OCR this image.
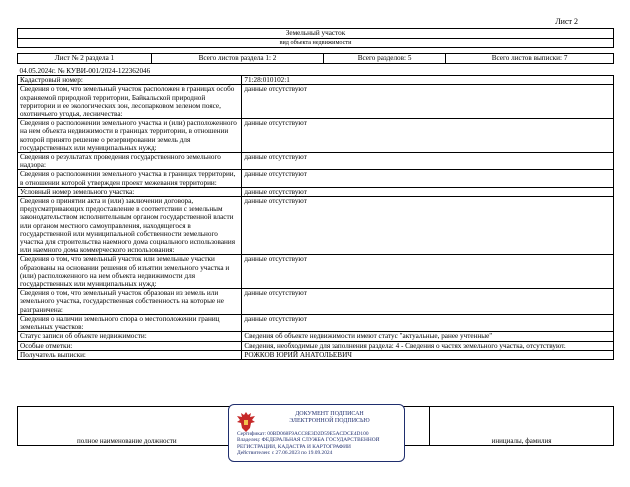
Лист 2
Земельный участок
вид объекта недвижимости
Лист № 2 раздела 1	Всего листов раздела 1: 2	Всего разделов: 5	Всего листов выписки: 7
04.05.2024г. № КУВИ-001/2024-122362046	
Кадастровый номер:	71:28:010102:1
Сведения о том, что земельный участок расположен в границах особо охраняемой природной территории, Байкальской природной территории и ее экологических зон, лесопарковом зеленом поясе, охотничьего угодья, лесничества:	данные отсутствуют
Сведения о расположении земельного участка и (или) расположенного на нем объекта недвижимости в границах территории, в отношении которой принято решение о резервировании земель для государственных или муниципальных нужд:	данные отсутствуют
Сведения о результатах проведения государственного земельного надзора:	данные отсутствуют
Сведения о расположении земельного участка в границах территории, в отношении которой утвержден проект межевания территории:	данные отсутствуют
Условный номер земельного участка:	данные отсутствуют
Сведения о принятии акта и (или) заключении договора, предусматривающих предоставление в соответствии с земельным законодательством исполнительным органом государственной власти или органом местного самоуправления, находящегося в государственной или муниципальной собственности земельного участка для строительства наемного дома социального использования или наемного дома коммерческого использования:	данные отсутствуют
Сведения о том, что земельный участок или земельные участки образованы на основании решения об изъятии земельного участка и (или) расположенного на нем объекта недвижимости для государственных или муниципальных нужд:	данные отсутствуют
Сведения о том, что земельный участок образован из земель или земельного участка, государственная собственность на которые не разграничена:	данные отсутствуют
Сведения о наличии земельного спора о местоположении границ земельных участков:	данные отсутствуют
Статус записи об объекте недвижимости:	Сведения об объекте недвижимости имеют статус "актуальные, ранее учтенные"
Особые отметки:	Сведения, необходимые для заполнения раздела: 4 - Сведения о частях земельного участка, отсутствуют.
Получатель выписки:	РОЖКОВ ЮРИЙ АНАТОЛЬЕВИЧ

полное наименование должности		инициалы, фамилия
ДОКУМЕНТ ПОДПИСАН
ЭЛЕКТРОННОЙ ПОДПИСЬЮ
Сертификат: 00BD068F9ACC8E3D2D59E5ACDCE4D100
Владелец: ФЕДЕРАЛЬНАЯ СЛУЖБА ГОСУДАРСТВЕННОЙ
РЕГИСТРАЦИИ, КАДАСТРА И КАРТОГРАФИИ
Действителен: с 27.06.2023 по 19.09.2024
